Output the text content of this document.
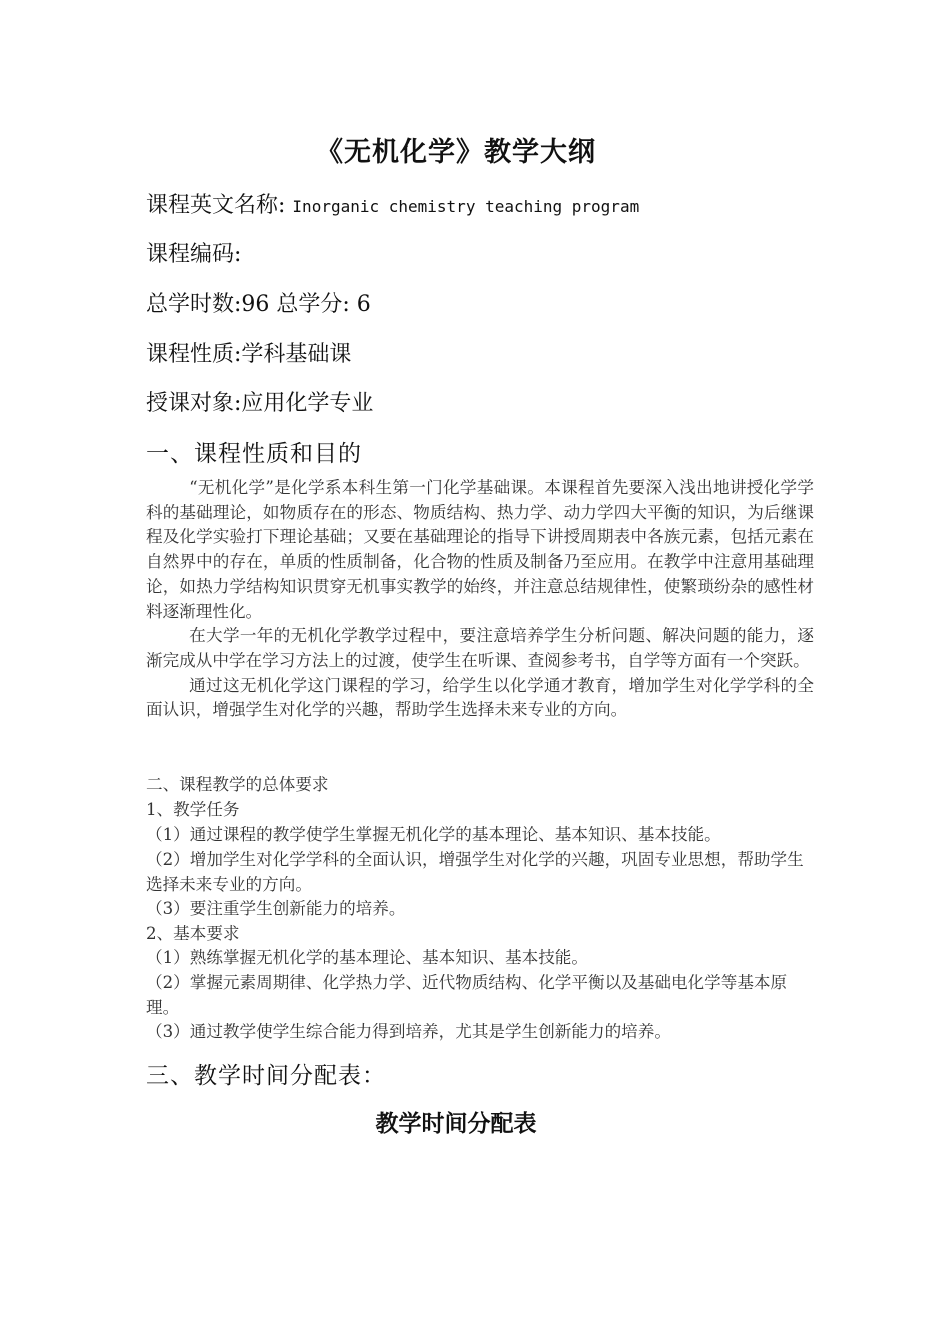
《无机化学》教学大纲
课程英文名称: Inorganic chemistry teaching program
课程编码:
总学时数:96 总学分: 6
课程性质:学科基础课
授课对象:应用化学专业
一、课程性质和目的

“无机化学”是化学系本科生第一门化学基础课。本课程首先要深入浅出地讲授化学学科的基础理论，如物质存在的形态、物质结构、热力学、动力学四大平衡的知识，为后继课程及化学实验打下理论基础；又要在基础理论的指导下讲授周期表中各族元素，包括元素在自然界中的存在，单质的性质制备，化合物的性质及制备乃至应用。在教学中注意用基础理论，如热力学结构知识贯穿无机事实教学的始终，并注意总结规律性，使繁琐纷杂的感性材料逐渐理性化。

在大学一年的无机化学教学过程中，要注意培养学生分析问题、解决问题的能力，逐渐完成从中学在学习方法上的过渡，使学生在听课、查阅参考书，自学等方面有一个突跃。

通过这无机化学这门课程的学习，给学生以化学通才教育，增加学生对化学学科的全面认识，增强学生对化学的兴趣，帮助学生选择未来专业的方向。

二、课程教学的总体要求
1、教学任务
（1）通过课程的教学使学生掌握无机化学的基本理论、基本知识、基本技能。
（2）增加学生对化学学科的全面认识，增强学生对化学的兴趣，巩固专业思想，帮助学生选择未来专业的方向。
（3）要注重学生创新能力的培养。
2、基本要求
（1）熟练掌握无机化学的基本理论、基本知识、基本技能。
（2）掌握元素周期律、化学热力学、近代物质结构、化学平衡以及基础电化学等基本原理。
（3）通过教学使学生综合能力得到培养，尤其是学生创新能力的培养。
三、教学时间分配表：
教学时间分配表
